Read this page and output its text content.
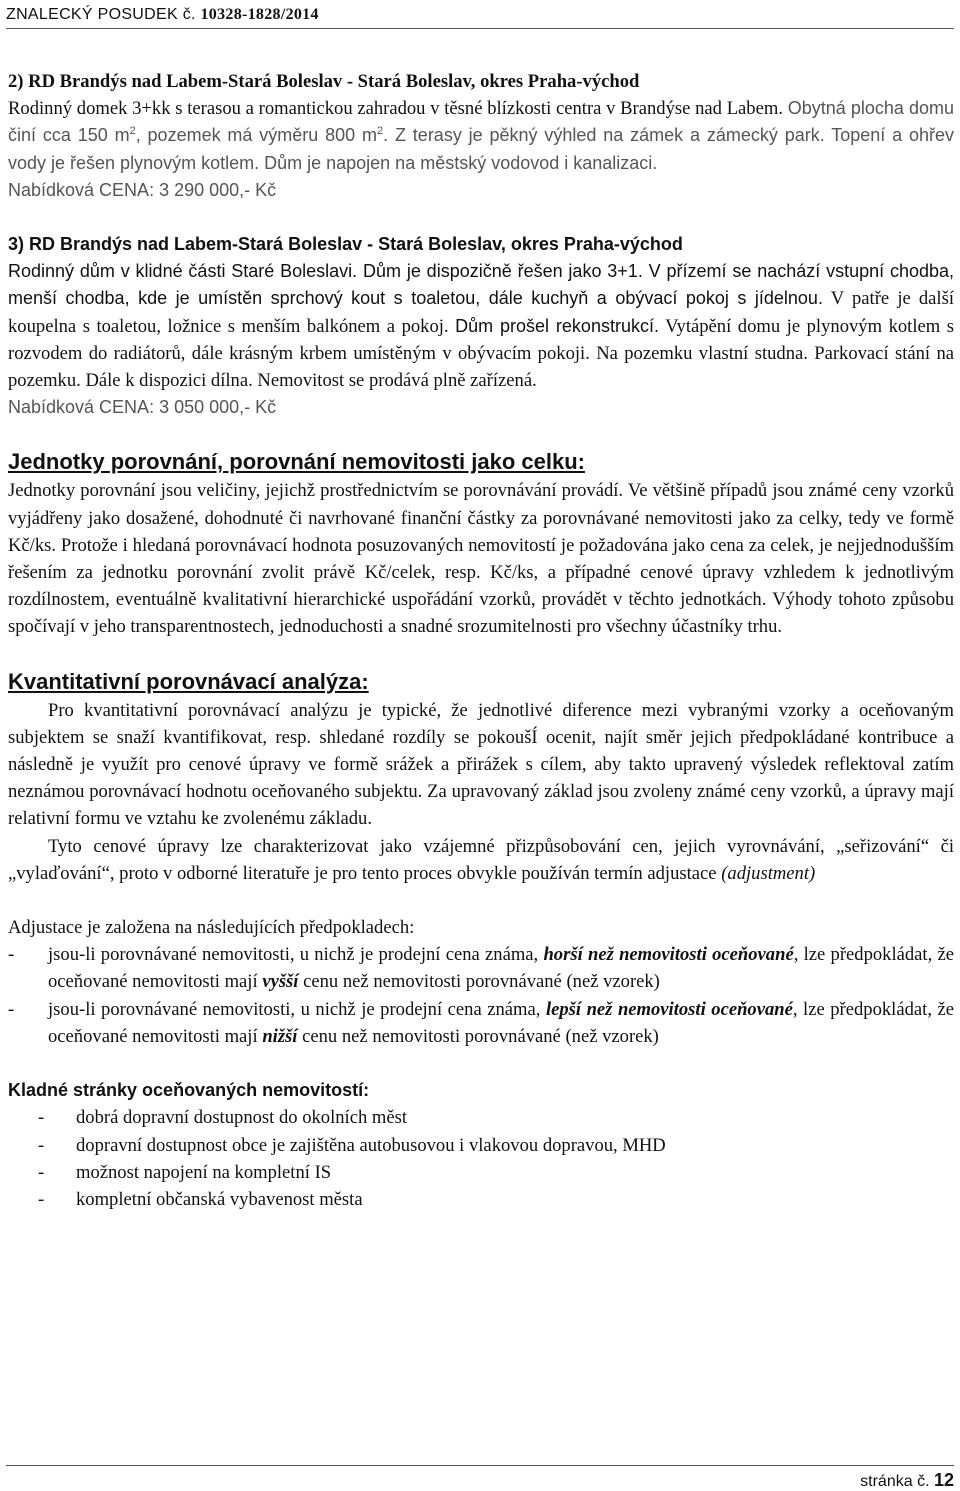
ZNALECKÝ POSUDEK č. 10328-1828/2014
2) RD Brandýs nad Labem-Stará Boleslav - Stará Boleslav, okres Praha-východ

Rodinný domek 3+kk s terasou a romantickou zahradou v těsné blízkosti centra v Brandýse nad Labem. Obytná plocha domu činí cca 150 $m^2$, pozemek má výměru 800 $m^2$. Z terasy je pěkný výhled na zámek a zámecký park. Topení a ohřev vody je řešen plynovým kotlem. Dům je napojen na městský vodovod i kanalizaci.

Nabídková CENA: 3 290 000,- Kč
3) RD Brandýs nad Labem-Stará Boleslav - Stará Boleslav, okres Praha-východ

Rodinný dům v klidné části Staré Boleslavi. Dům je dispozičně řešen jako 3+1. V přízemí se nachází vstupní chodba, menší chodba, kde je umístěn sprchový kout s toaletou, dále kuchyň a obývací pokoj s jídelnou. V patře je další koupelna s toaletou, ložnice s menším balkónem a pokoj. Dům prošel rekonstrukcí. Vytápění domu je plynovým kotlem s rozvodem do radiátorů, dále krásným krbem umístěným v obývacím pokoji. Na pozemku vlastní studna. Parkovací stání na pozemku. Dále k dispozici dílna. Nemovitost se prodává plně zařízená.

Nabídková CENA: 3 050 000,- Kč
Jednotky porovnání, porovnání nemovitosti jako celku:

Jednotky porovnání jsou veličiny, jejichž prostřednictvím se porovnávání provádí. Ve většině případů jsou známé ceny vzorků vyjádřeny jako dosažené, dohodnuté či navrhované finanční částky za porovnávané nemovitosti jako za celky, tedy ve formě Kč/ks. Protože i hledaná porovnávací hodnota posuzovaných nemovitostí je požadována jako cena za celek, je nejjednodušším řešením za jednotku porovnání zvolit právě Kč/celek, resp. Kč/ks, a případné cenové úpravy vzhledem k jednotlivým rozdílnostem, eventuálně kvalitativní hierarchické uspořádání vzorků, provádět v těchto jednotkách. Výhody tohoto způsobu spočívají v jeho transparentnostech, jednoduchosti a snadné srozumitelnosti pro všechny účastníky trhu.

Kvantitativní porovnávací analýza:

Pro kvantitativní porovnávací analýzu je typické, že jednotlivé diference mezi vybranými vzorky a oceňovaným subjektem se snaží kvantifikovat, resp. shledané rozdíly se pokoušÍ ocenit, najít směr jejich předpokládané kontribuce a následně je využít pro cenové úpravy ve formě srážek a přirážek s cílem, aby takto upravený výsledek reflektoval zatím neznámou porovnávací hodnotu oceňovaného subjektu. Za upravovaný základ jsou zvoleny známé ceny vzorků, a úpravy mají relativní formu ve vztahu ke zvolenému základu.

Tyto cenové úpravy lze charakterizovat jako vzájemné přizpůsobování cen, jejich vyrovnávání, „seřizování“ či „vylaďování“, proto v odborné literatuře je pro tento proces obvykle používán termín adjustace (adjustment)

Adjustace je založena na následujících předpokladech:
- jsou-li porovnávané nemovitosti, u nichž je prodejní cena známa, horší než nemovitosti oceňované, lze předpokládat, že oceňované nemovitosti mají vyšší cenu než nemovitosti porovnávané (než vzorek)
- jsou-li porovnávané nemovitosti, u nichž je prodejní cena známa, lepší než nemovitosti oceňované, lze předpokládat, že oceňované nemovitosti mají nižší cenu než nemovitosti porovnávané (než vzorek)
Kladné stránky oceňovaných nemovitostí:
- dobrá dopravní dostupnost do okolních měst
- dopravní dostupnost obce je zajištěna autobusovou i vlakovou dopravou, MHD
- možnost napojení na kompletní IS
- kompletní občanská vybavenost města
stránka č. 12
